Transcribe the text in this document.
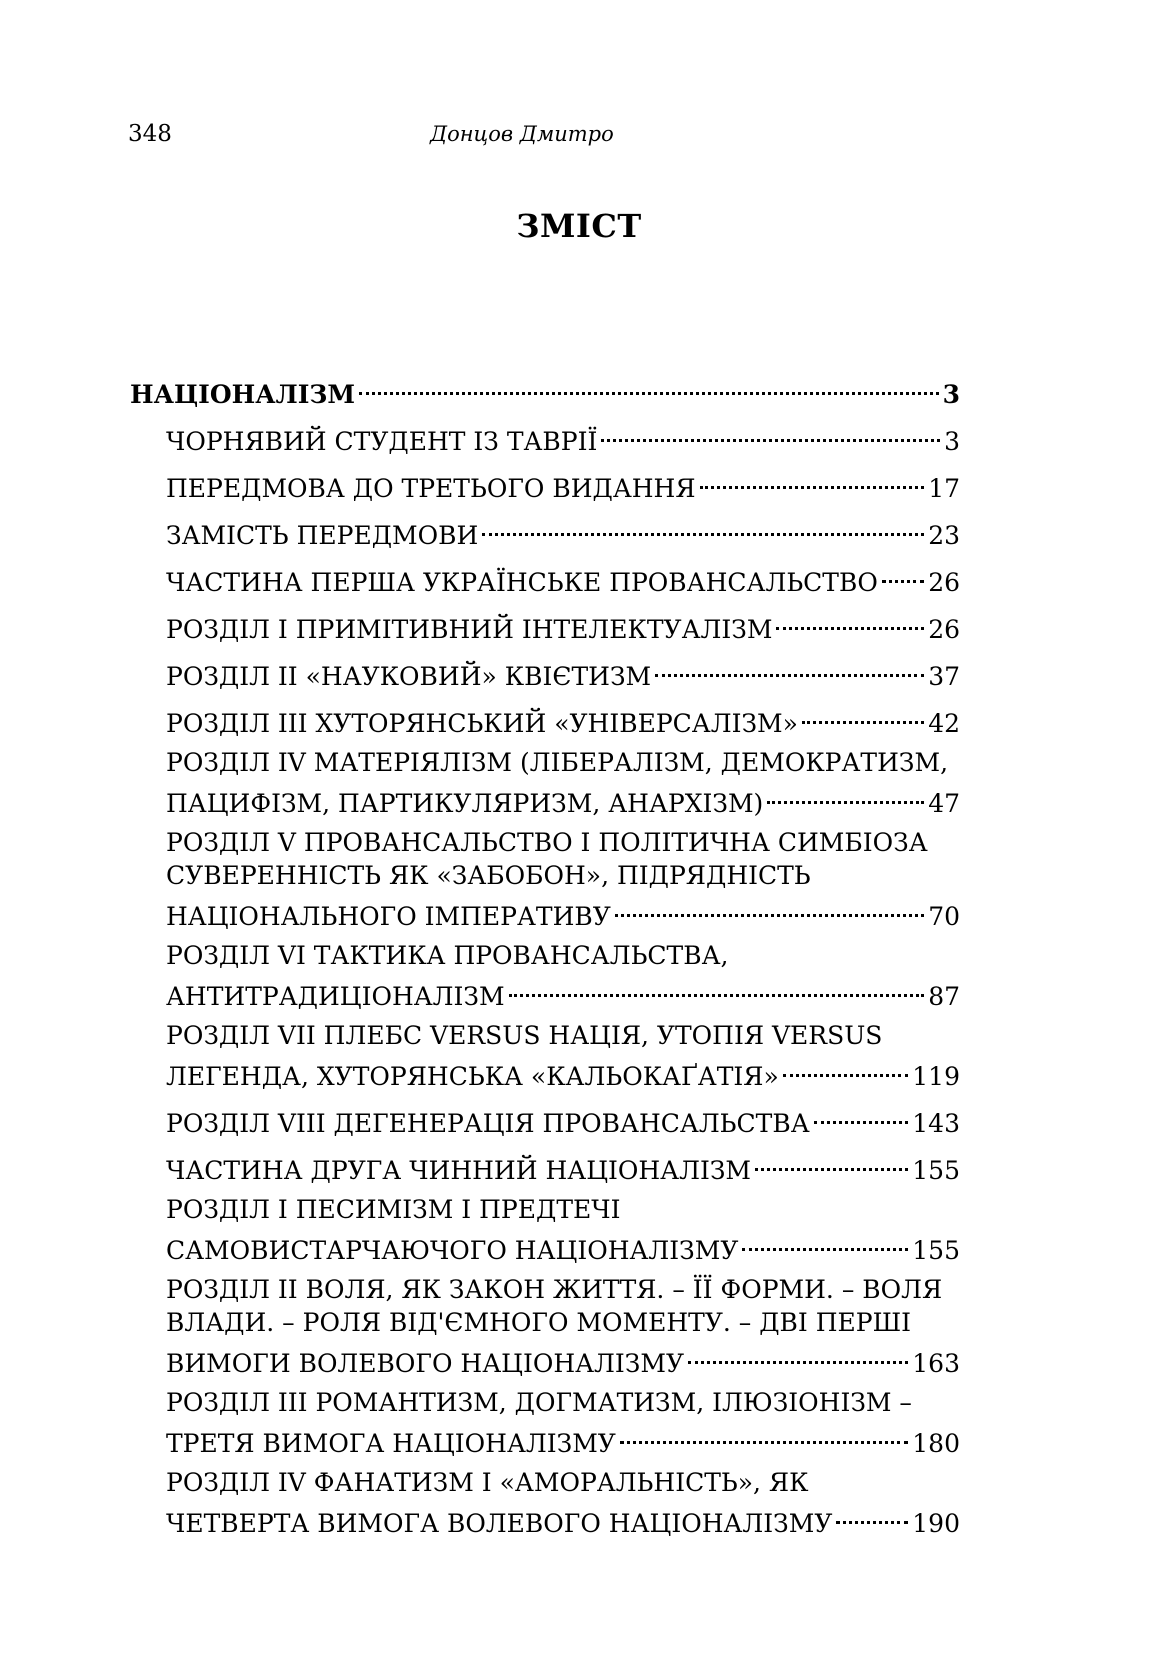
348	Донцов Дмитро
ЗМІСТ
НАЦІОНАЛІЗМ	3
ЧОРНЯВИЙ СТУДЕНТ ІЗ ТАВРІЇ	3
ПЕРЕДМОВА ДО ТРЕТЬОГО ВИДАННЯ	17
ЗАМІСТЬ ПЕРЕДМОВИ	23
ЧАСТИНА ПЕРША УКРАЇНСЬКЕ ПРОВАНСАЛЬСТВО 26
РОЗДІЛ І ПРИМІТИВНИЙ ІНТЕЛЕКТУАЛІЗМ	26
РОЗДІЛ II «НАУКОВИЙ» КВІЄТИЗМ	37
РОЗДІЛ III ХУТОРЯНСЬКИЙ «УНІВЕРСАЛІЗМ»	42
РОЗДІЛ IV МАТЕРІЯЛІЗМ (ЛІБЕРАЛІЗМ, ДЕМОКРАТИЗМ,
ПАЦИФІЗМ, ПАРТИКУЛЯРИЗМ, АНАРХІЗМ)	47
РОЗДІЛ V ПРОВАНСАЛЬСТВО І ПОЛІТИЧНА СИМБІОЗА
СУВЕРЕННІСТЬ ЯК «ЗАБОБОН», ПІДРЯДНІСТЬ
НАЦІОНАЛЬНОГО ІМПЕРАТИВУ	70
РОЗДІЛ VI ТАКТИКА ПРОВАНСАЛЬСТВА,
АНТИТРАДИЦІОНАЛІЗМ	87
РОЗДІЛ VII ПЛЕБС VERSUS НАЦІЯ, УТОПІЯ VERSUS
ЛЕГЕНДА, ХУТОРЯНСЬКА «КАЛЬОКАҐАТІЯ»	119
РОЗДІЛ VIII ДЕГЕНЕРАЦІЯ ПРОВАНСАЛЬСТВА	143
ЧАСТИНА ДРУГА ЧИННИЙ НАЦІОНАЛІЗМ	155
РОЗДІЛ І ПЕСИМІЗМ І ПРЕДТЕЧІ
САМОВИСТАРЧАЮЧОГО НАЦІОНАЛІЗМУ	155
РОЗДІЛ II ВОЛЯ, ЯК ЗАКОН ЖИТТЯ. – ЇЇ ФОРМИ. – ВОЛЯ
ВЛАДИ. – РОЛЯ ВІД'ЄМНОГО МОМЕНТУ. – ДВІ ПЕРШІ
ВИМОГИ ВОЛЕВОГО НАЦІОНАЛІЗМУ	163
РОЗДІЛ III РОМАНТИЗМ, ДОГМАТИЗМ, ІЛЮЗІОНІЗМ –
ТРЕТЯ ВИМОГА НАЦІОНАЛІЗМУ	180
РОЗДІЛ IV ФАНАТИЗМ І «АМОРАЛЬНІСТЬ», ЯК
ЧЕТВЕРТА ВИМОГА ВОЛЕВОГО НАЦІОНАЛІЗМУ	190
